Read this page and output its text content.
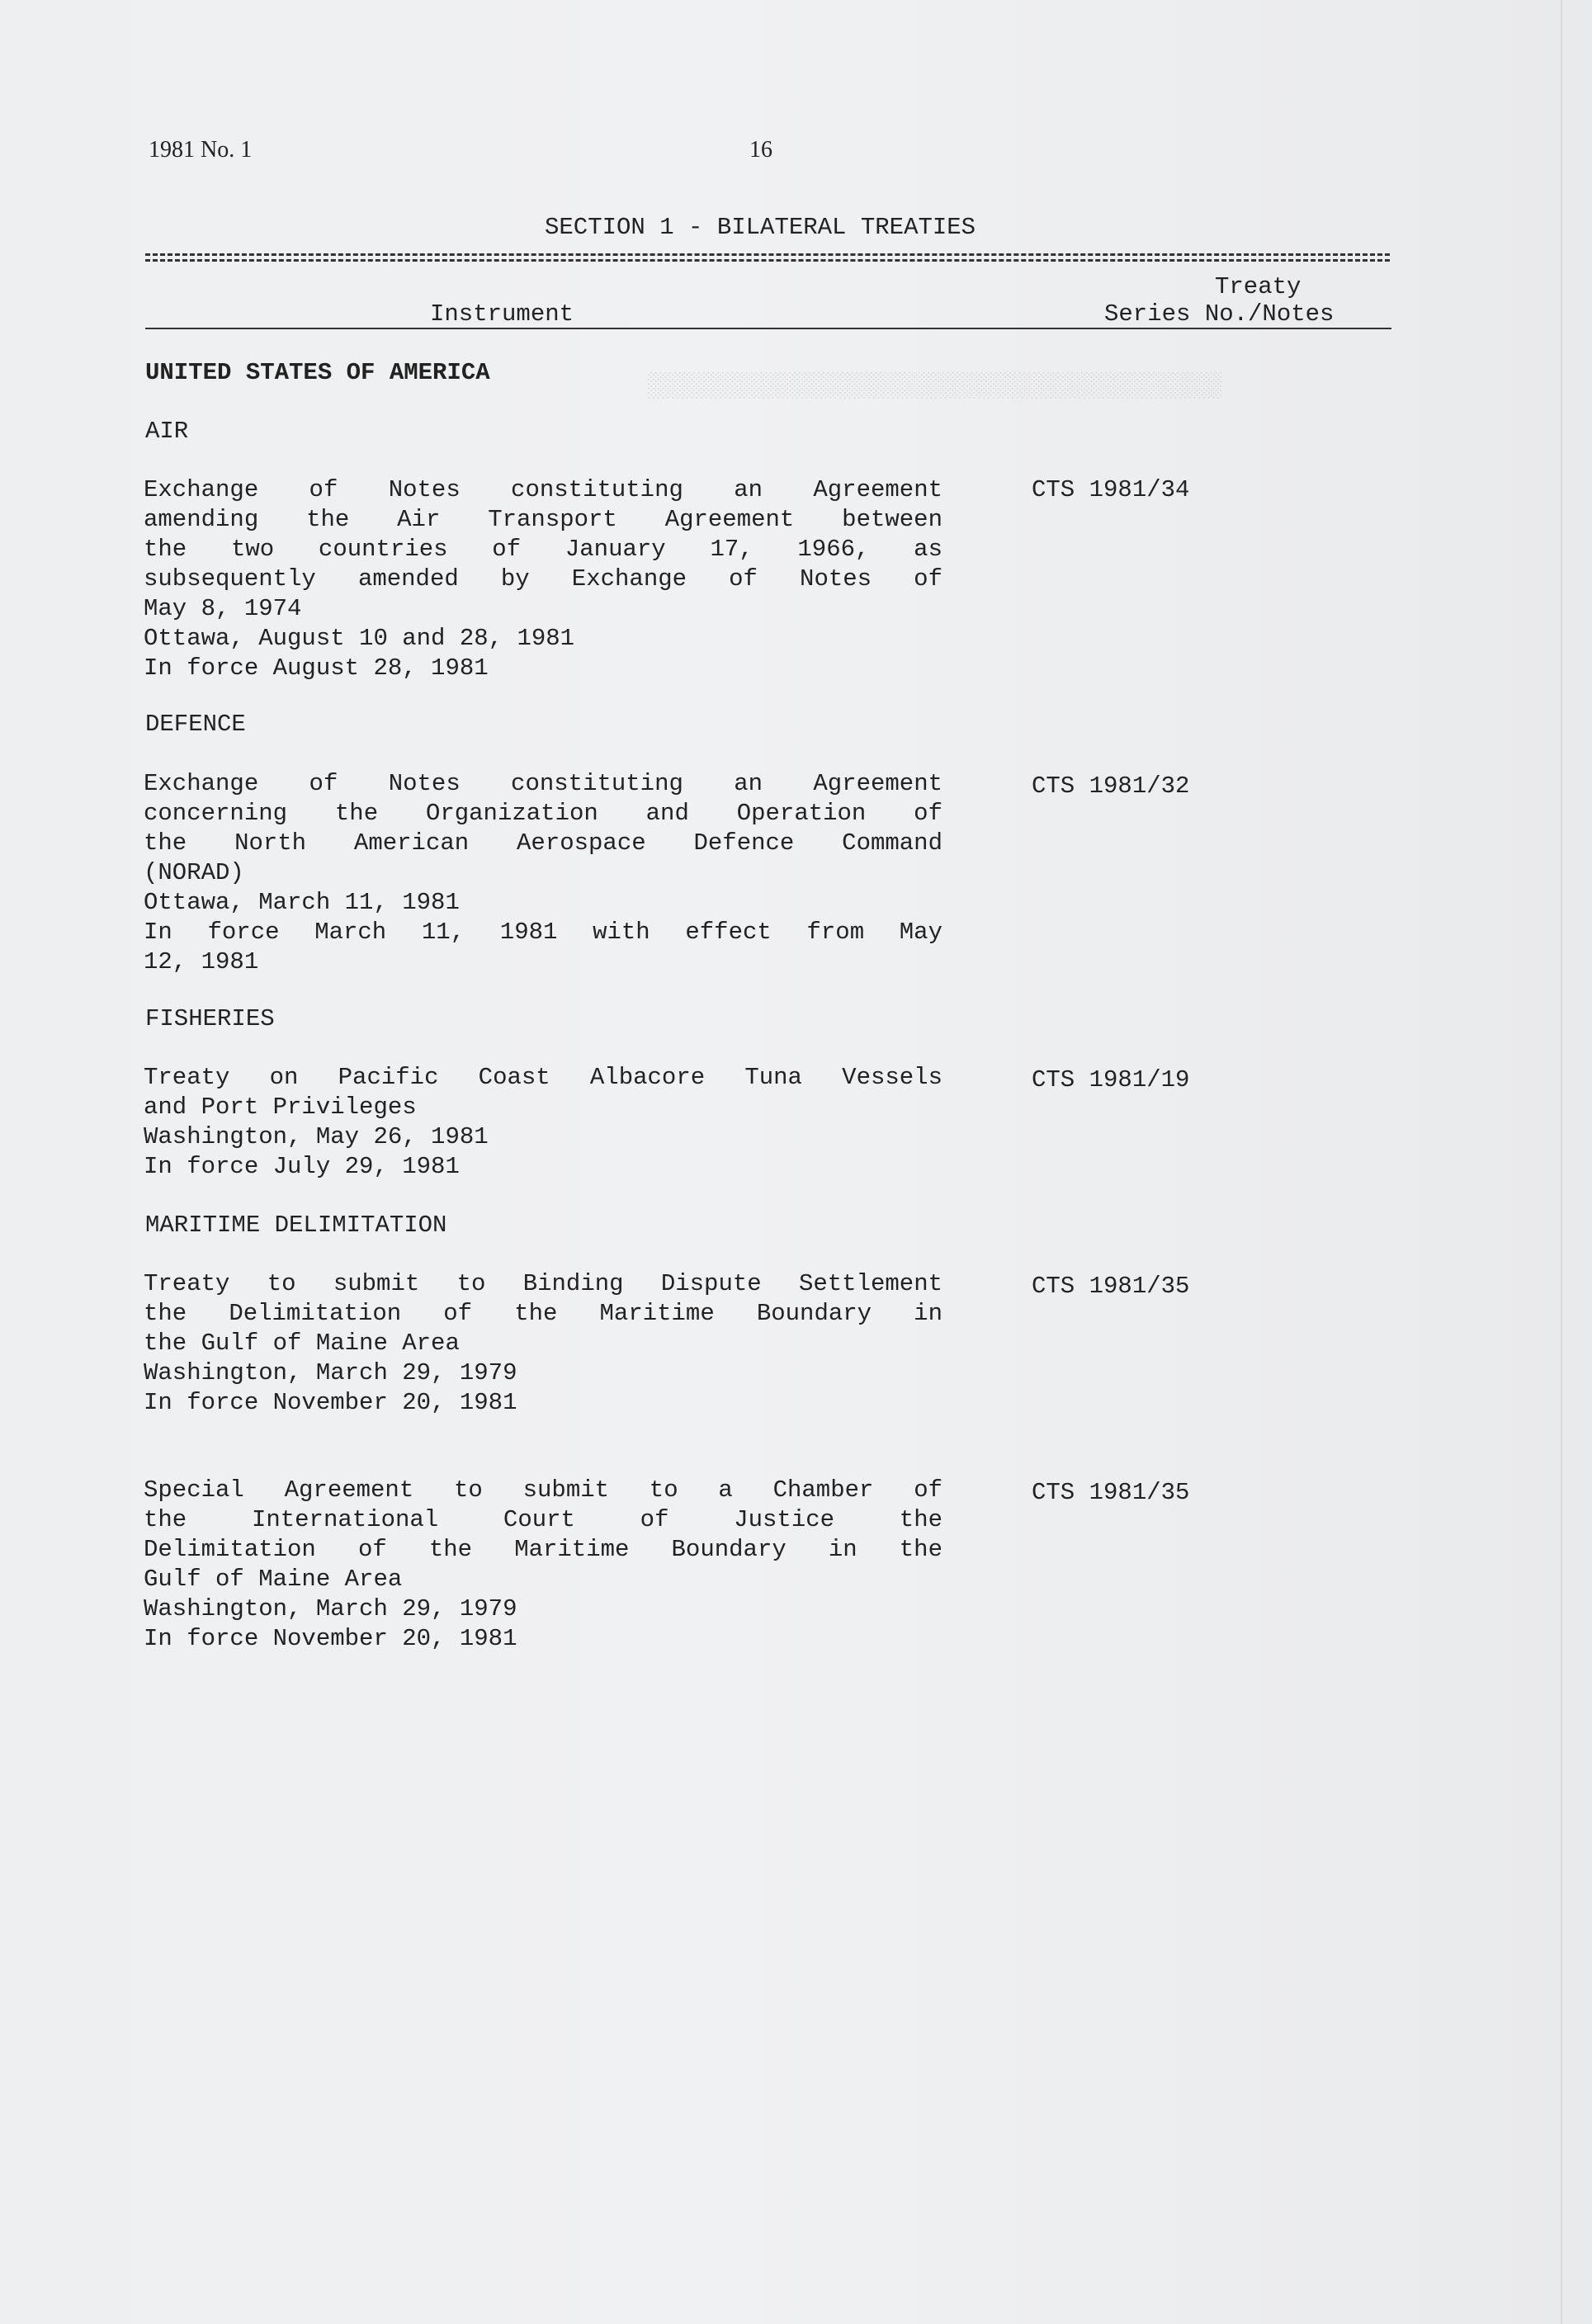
░░░░░░░░░░░░░░░░░░░░░░░░░░░░░░░░░░░░░░░░
1981 No. 1	16
SECTION 1 - BILATERAL TREATIES
Treaty
Instrument	Series No./Notes
UNITED STATES OF AMERICA
AIR
Exchange of Notes constituting an Agreement
amending the Air Transport Agreement between
the two countries of January 17, 1966, as
subsequently amended by Exchange of Notes of
May 8, 1974
Ottawa, August 10 and 28, 1981
In force August 28, 1981
CTS 1981/34
DEFENCE
Exchange of Notes constituting an Agreement
concerning the Organization and Operation of
the North American Aerospace Defence Command
(NORAD)
Ottawa, March 11, 1981
In force March 11, 1981 with effect from May
12, 1981
CTS 1981/32
FISHERIES
Treaty on Pacific Coast Albacore Tuna Vessels
and Port Privileges
Washington, May 26, 1981
In force July 29, 1981
CTS 1981/19
MARITIME DELIMITATION
Treaty to submit to Binding Dispute Settlement
the Delimitation of the Maritime Boundary in
the Gulf of Maine Area
Washington, March 29, 1979
In force November 20, 1981
CTS 1981/35
Special Agreement to submit to a Chamber of
the International Court of Justice the
Delimitation of the Maritime Boundary in the
Gulf of Maine Area
Washington, March 29, 1979
In force November 20, 1981
CTS 1981/35
